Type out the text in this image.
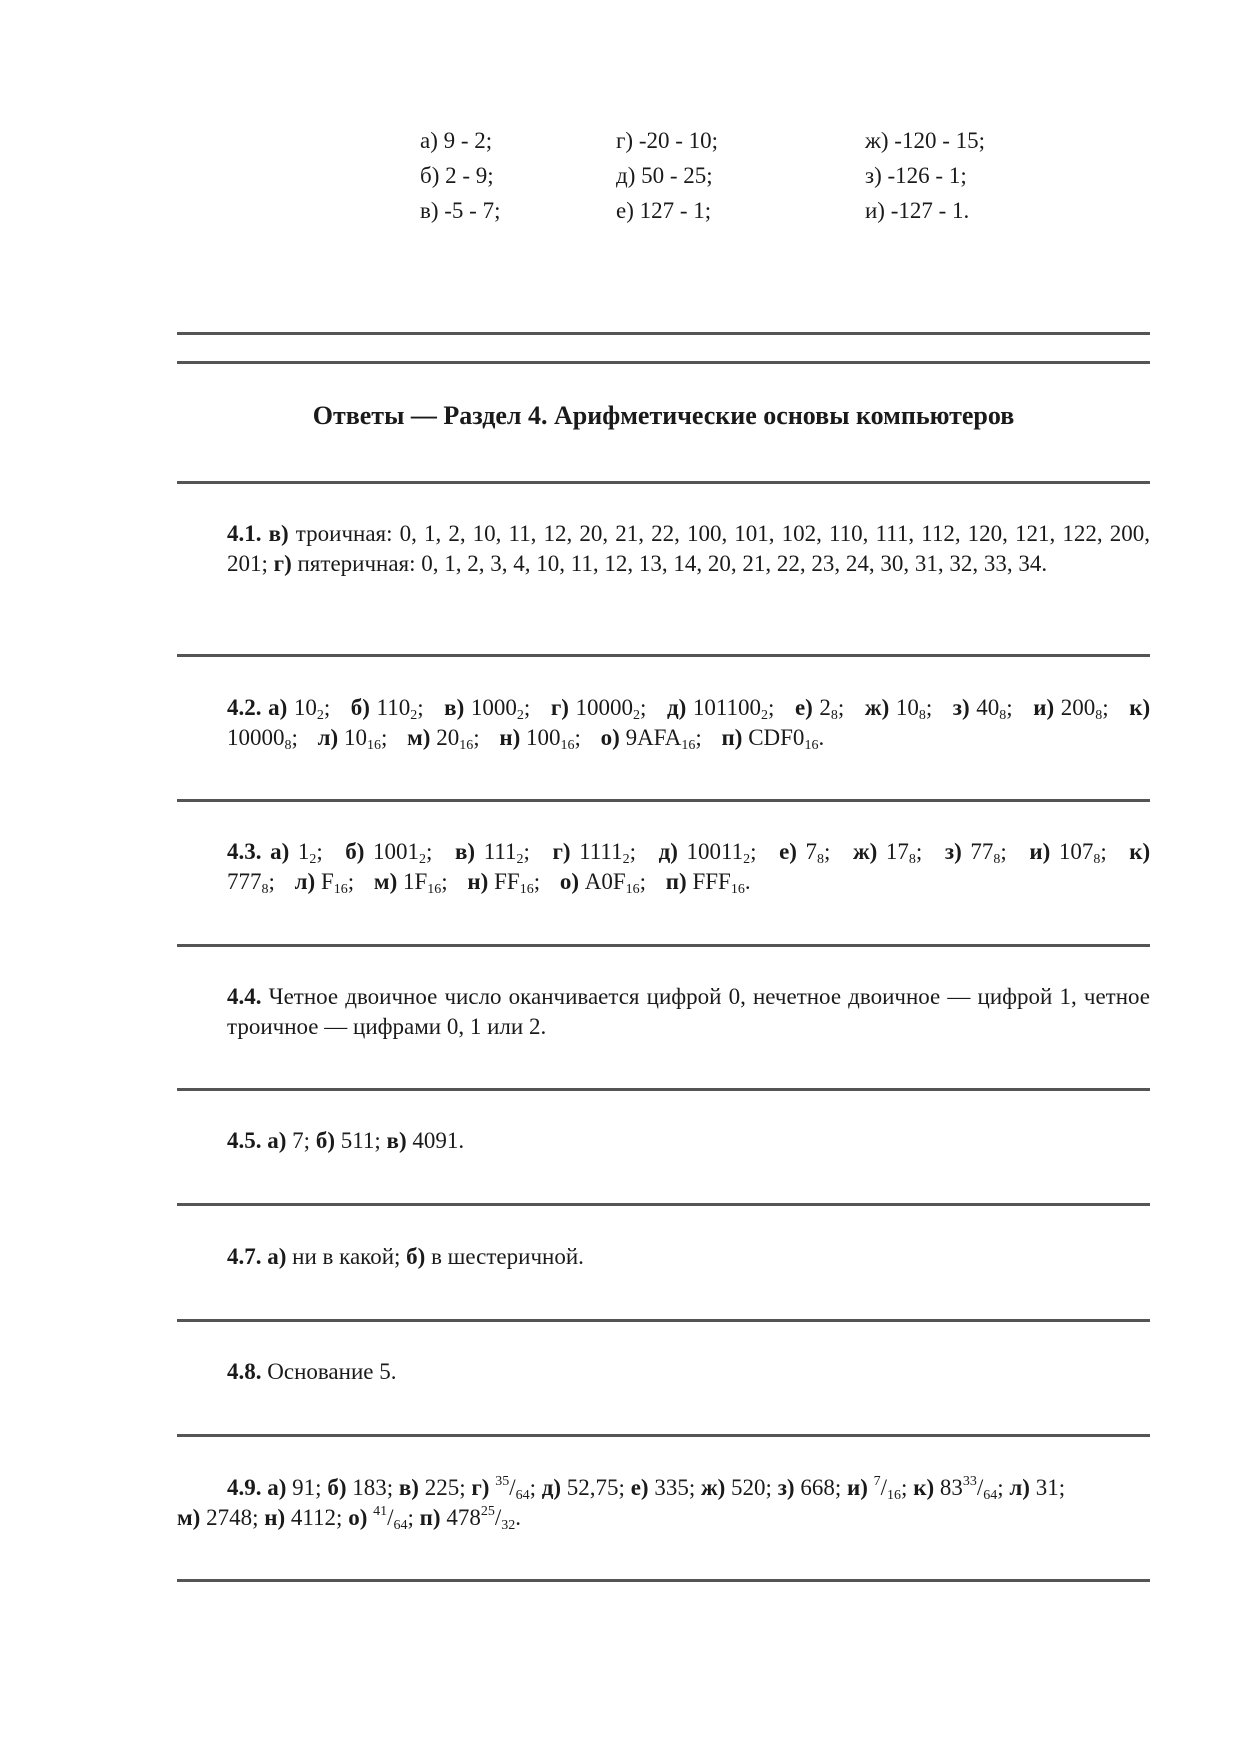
а) 9 - 2;	г) -20 - 10;	ж) -120 - 15;
б) 2 - 9;	д) 50 - 25;	з) -126 - 1;
в) -5 - 7;	е) 127 - 1;	и) -127 - 1.
Ответы — Раздел 4. Арифметические основы компьютеров
4.1. в) троичная: 0, 1, 2, 10, 11, 12, 20, 21, 22, 100, 101, 102, 110, 111, 112, 120, 121, 122, 200, 201; г) пятеричная: 0, 1, 2, 3, 4, 10, 11, 12, 13, 14, 20, 21, 22, 23, 24, 30, 31, 32, 33, 34.
4.2. а) $10_2$; б) $110_2$; в) $1000_2$; г) $10000_2$; д) $101100_2$; е) $2_8$; ж) $10_8$; з) $40_8$; и) $200_8$; к) $10000_8$; л) $10_{16}$; м) $20_{16}$; н) $100_{16}$; о) $9AFA_{16}$; п) $CDF0_{16}$.
4.3. а) $1_2$; б) $1001_2$; в) $111_2$; г) $1111_2$; д) $10011_2$; е) $7_8$; ж) $17_8$; з) $77_8$; и) $107_8$; к) $777_8$; л) $F_{16}$; м) $1F_{16}$; н) $FF_{16}$; о) $A0F_{16}$; п) $FFF_{16}$.
4.4. Четное двоичное число оканчивается цифрой 0, нечетное двоичное — цифрой 1, четное троичное — цифрами 0, 1 или 2.
4.5. а) 7; б) 511; в) 4091.
4.7. а) ни в какой; б) в шестеричной.
4.8. Основание 5.
4.9. а) 91; б) 183; в) 225; г) $^{35}/_{64}$; д) 52,75; е) 335; ж) 520; з) 668; и) $^7/_{16}$; к) $83^{33}/_{64}$; л) 31;
м) 2748; н) 4112; о) $^{41}/_{64}$; п) $478^{25}/_{32}$.
